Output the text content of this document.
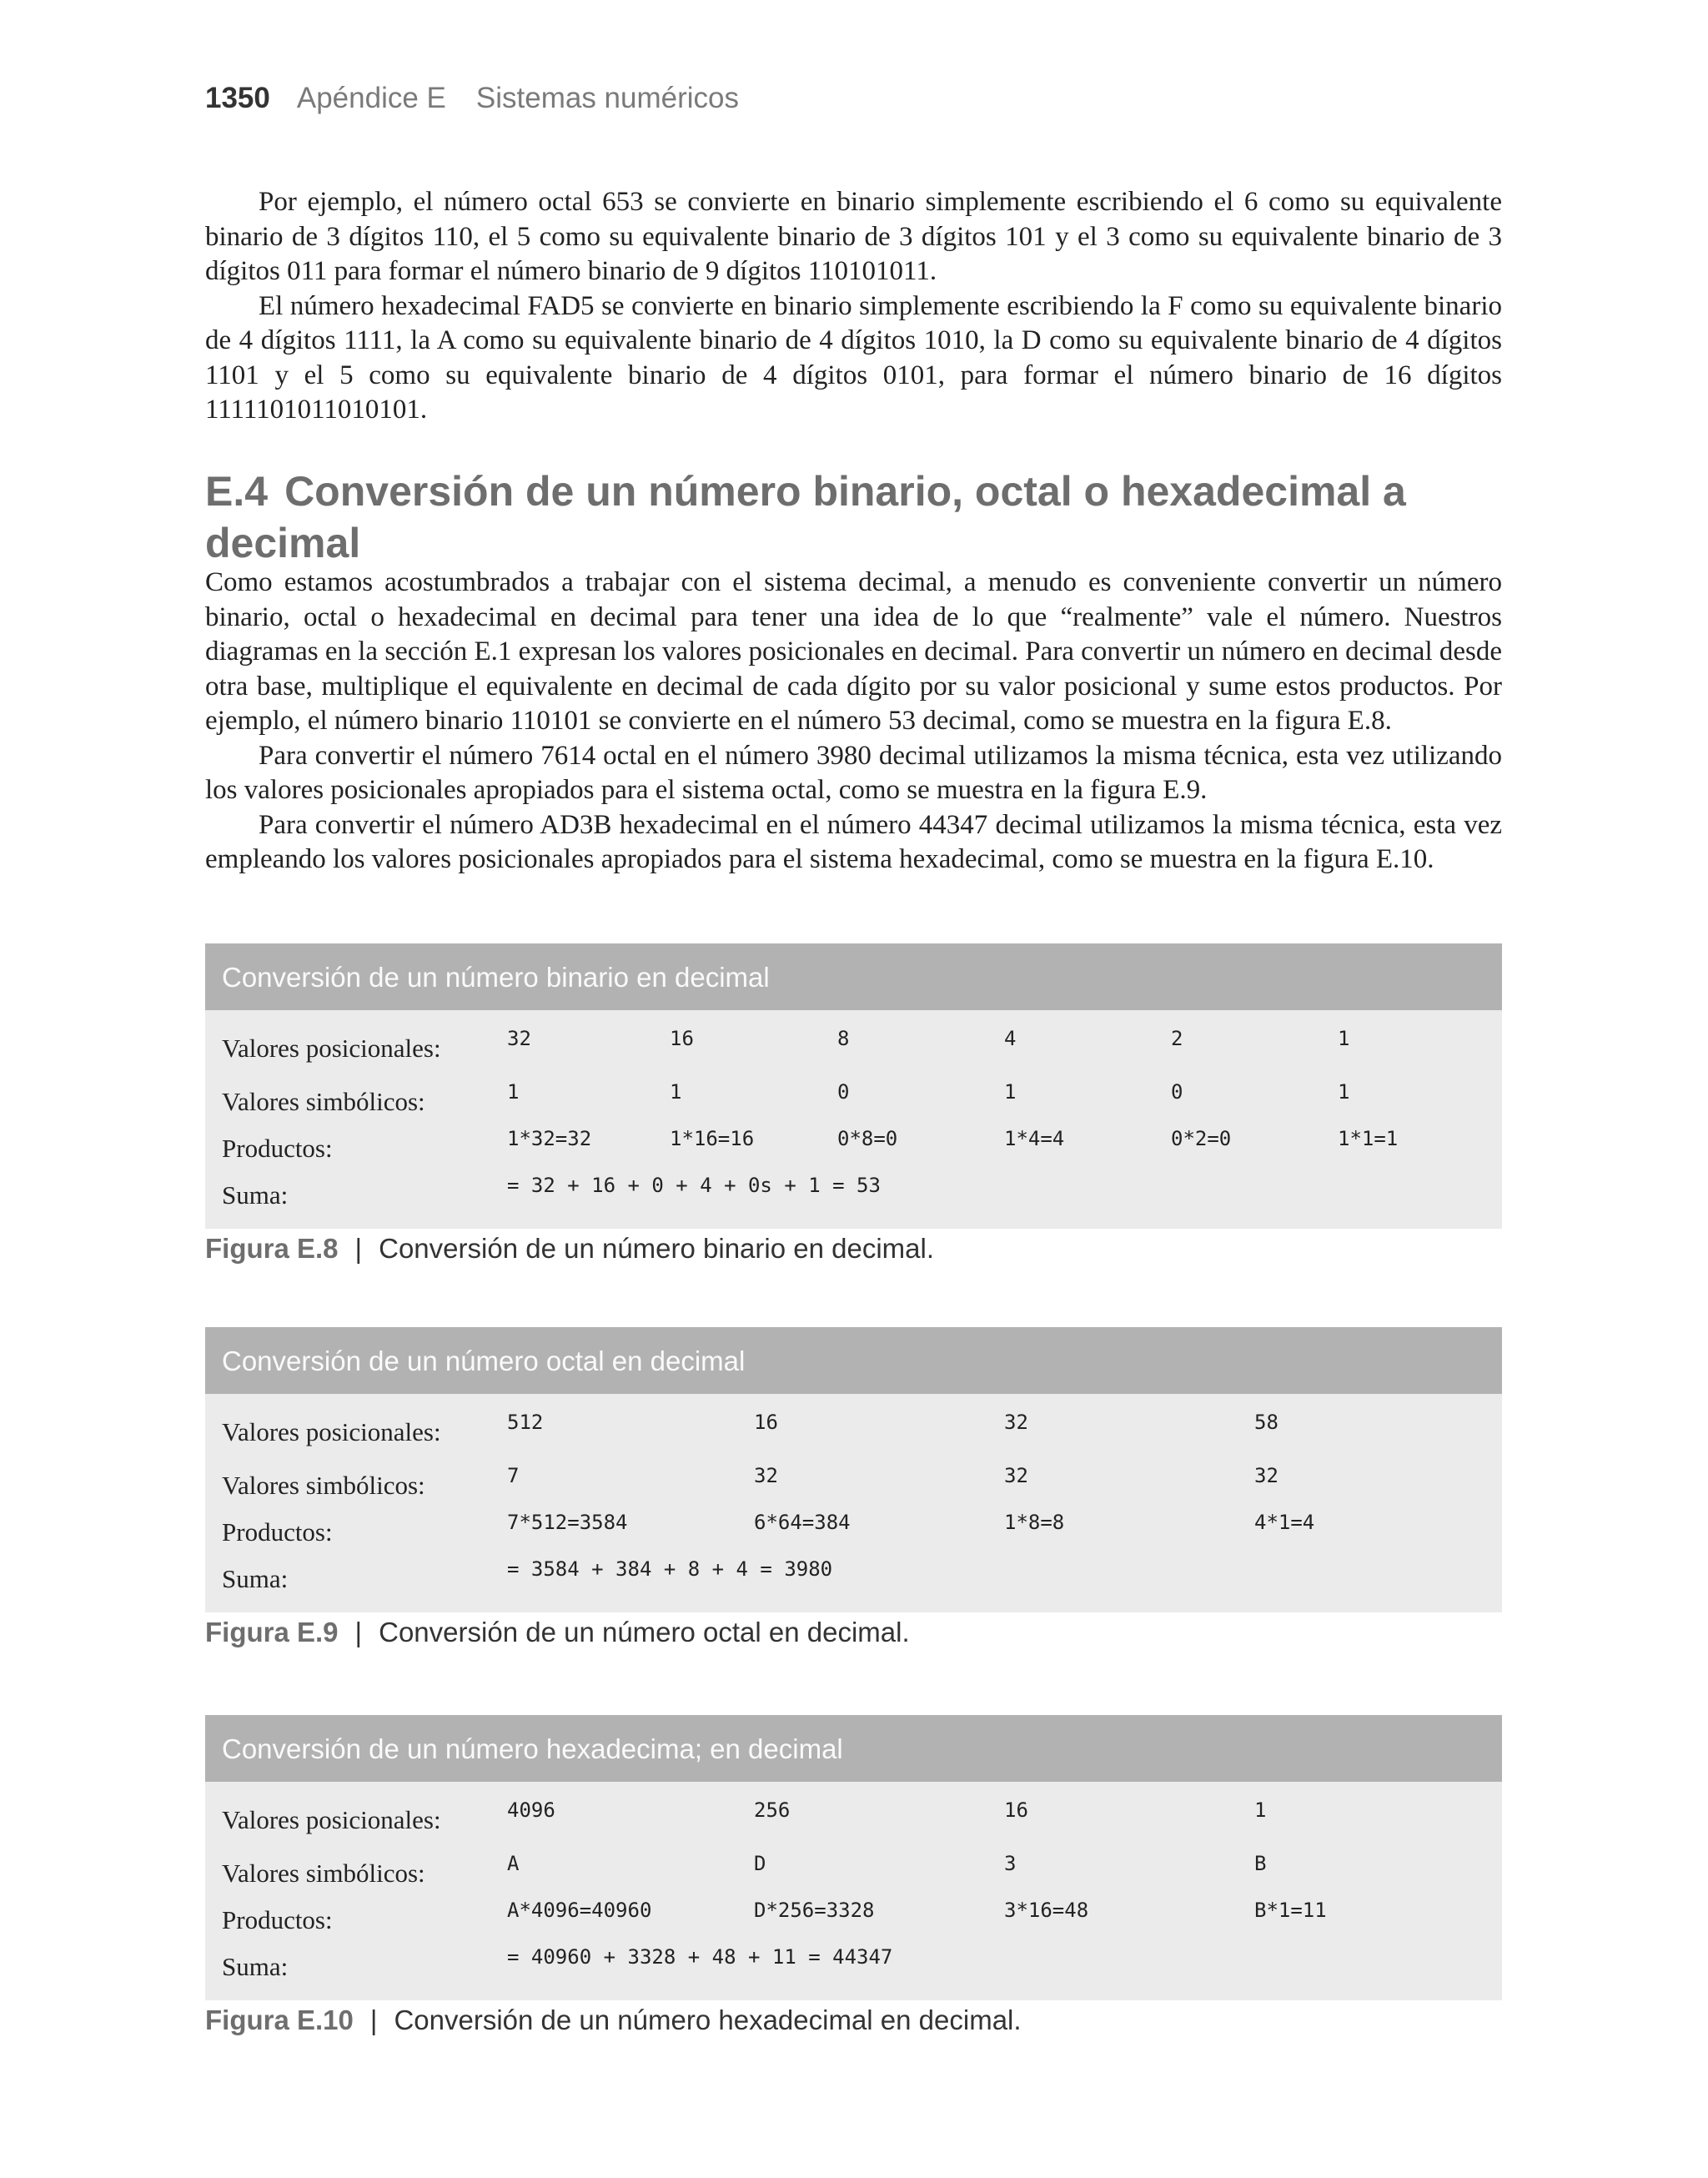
1350 Apéndice E Sistemas numéricos

Por ejemplo, el número octal 653 se convierte en binario simplemente escribiendo el 6 como su equivalente binario de 3 dígitos 110, el 5 como su equivalente binario de 3 dígitos 101 y el 3 como su equivalente binario de 3 dígitos 011 para formar el número binario de 9 dígitos 110101011.

El número hexadecimal FAD5 se convierte en binario simplemente escribiendo la F como su equivalente binario de 4 dígitos 1111, la A como su equivalente binario de 4 dígitos 1010, la D como su equivalente binario de 4 dígitos 1101 y el 5 como su equivalente binario de 4 dígitos 0101, para formar el número binario de 16 dígitos 1111101011010101.

E.4 Conversión de un número binario, octal o hexadecimal a decimal

Como estamos acostumbrados a trabajar con el sistema decimal, a menudo es conveniente convertir un número binario, octal o hexadecimal en decimal para tener una idea de lo que “realmente” vale el número. Nuestros diagramas en la sección E.1 expresan los valores posicionales en decimal. Para convertir un número en decimal desde otra base, multiplique el equivalente en decimal de cada dígito por su valor posicional y sume estos productos. Por ejemplo, el número binario 110101 se convierte en el número 53 decimal, como se muestra en la figura E.8.

Para convertir el número 7614 octal en el número 3980 decimal utilizamos la misma técnica, esta vez utilizando los valores posicionales apropiados para el sistema octal, como se muestra en la figura E.9.

Para convertir el número AD3B hexadecimal en el número 44347 decimal utilizamos la misma técnica, esta vez empleando los valores posicionales apropiados para el sistema hexadecimal, como se muestra en la figura E.10.

Conversión de un número binario en decimal
Valores posicionales:	32	16	8	4	2	1
Valores simbólicos:	1	1	0	1	0	1
Productos:	1*32=32	1*16=16	0*8=0	1*4=4	0*2=0	1*1=1
Suma:	= 32 + 16 + 0 + 4 + 0s + 1 = 53
Figura E.8 | Conversión de un número binario en decimal.
Conversión de un número octal en decimal
Valores posicionales:	512	16	32	58
Valores simbólicos:	7	32	32	32
Productos:	7*512=3584	6*64=384	1*8=8	4*1=4
Suma:	= 3584 + 384 + 8 + 4 = 3980
Figura E.9 | Conversión de un número octal en decimal.
Conversión de un número hexadecima; en decimal
Valores posicionales:	4096	256	16	1
Valores simbólicos:	A	D	3	B
Productos:	A*4096=40960	D*256=3328	3*16=48	B*1=11
Suma:	= 40960 + 3328 + 48 + 11 = 44347
Figura E.10 | Conversión de un número hexadecimal en decimal.
